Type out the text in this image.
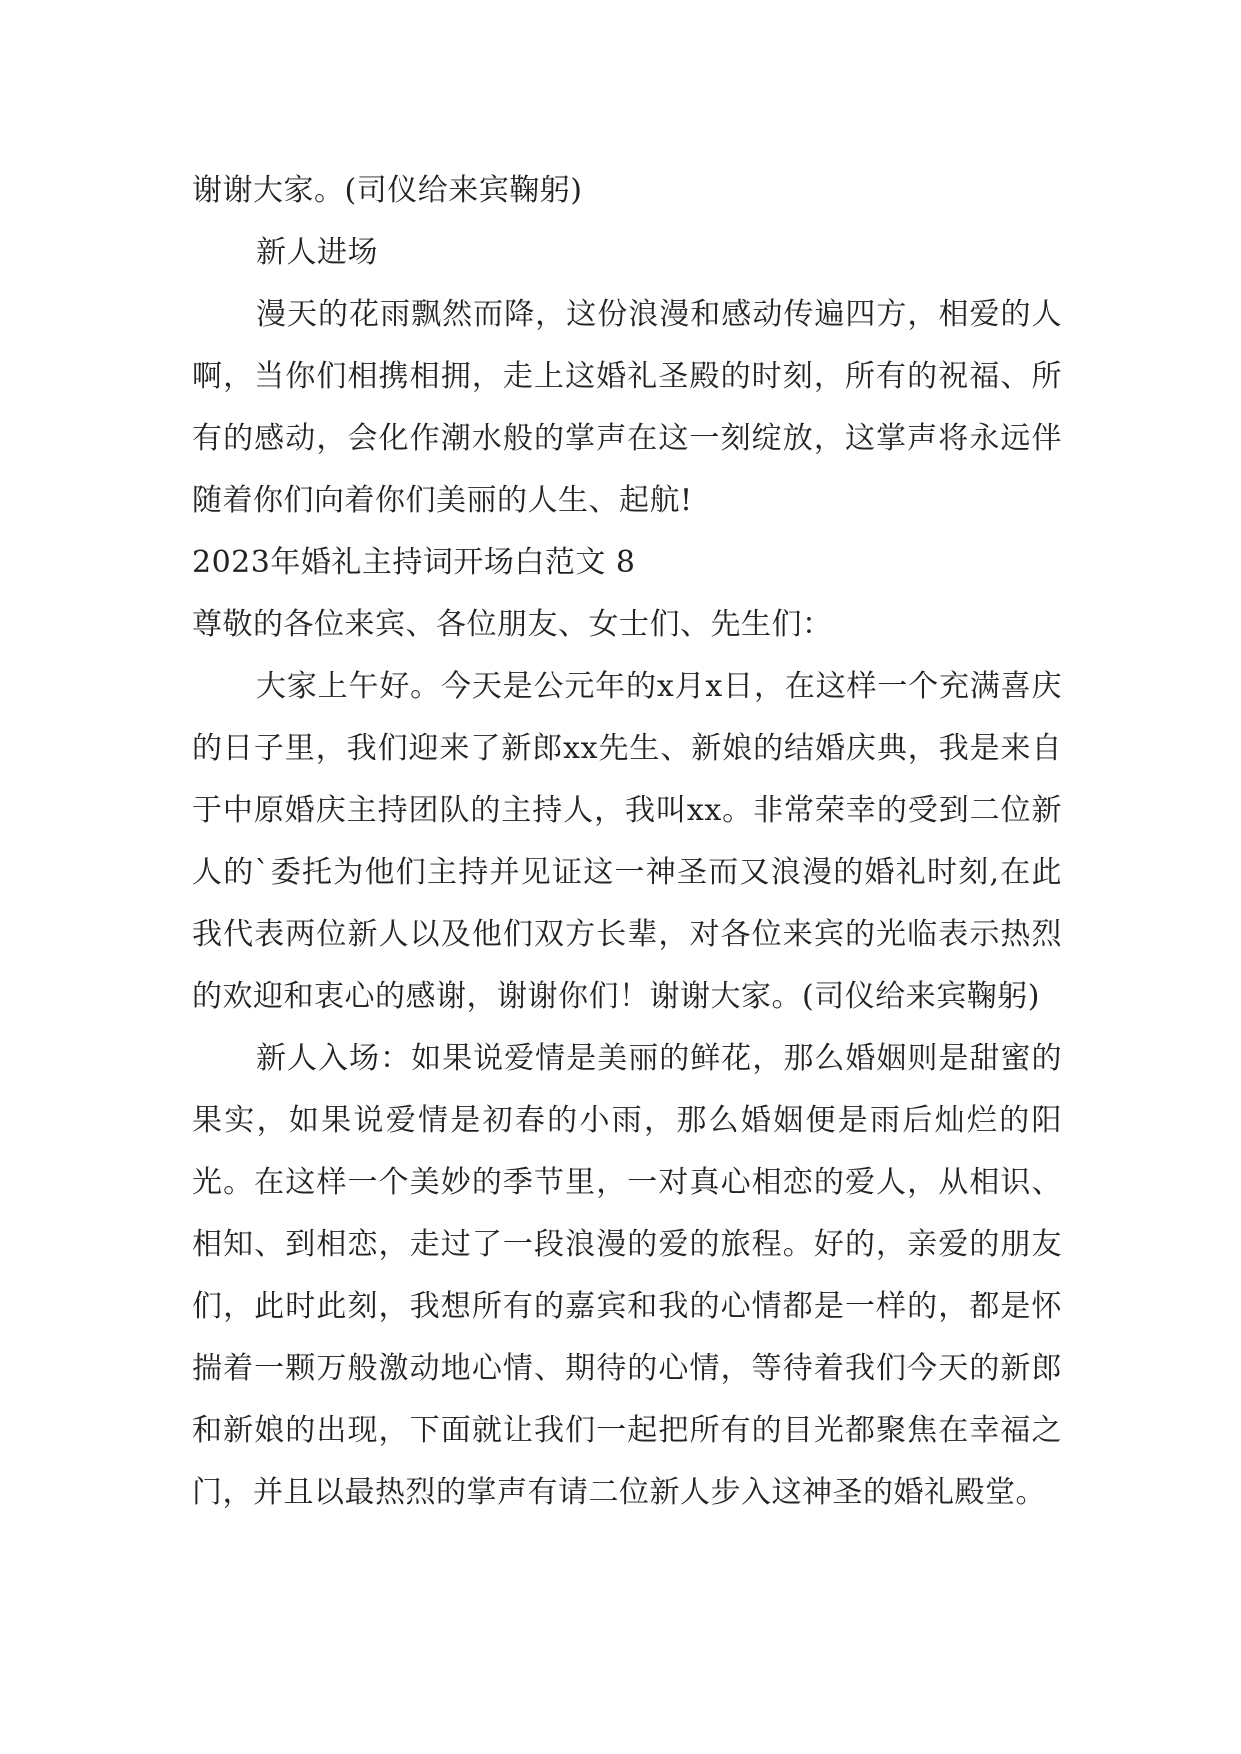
谢谢大家。(司仪给来宾鞠躬)

新人进场

漫天的花雨飘然而降，这份浪漫和感动传遍四方，相爱的人啊，当你们相携相拥，走上这婚礼圣殿的时刻，所有的祝福、所有的感动，会化作潮水般的掌声在这一刻绽放，这掌声将永远伴随着你们向着你们美丽的人生、起航!

2023年婚礼主持词开场白范文 8

尊敬的各位来宾、各位朋友、女士们、先生们：

大家上午好。今天是公元年的x月x日，在这样一个充满喜庆的日子里，我们迎来了新郎xx先生、新娘的结婚庆典，我是来自于中原婚庆主持团队的主持人，我叫xx。非常荣幸的受到二位新人的`委托为他们主持并见证这一神圣而又浪漫的婚礼时刻,在此我代表两位新人以及他们双方长辈，对各位来宾的光临表示热烈的欢迎和衷心的感谢，谢谢你们！谢谢大家。(司仪给来宾鞠躬)

新人入场：如果说爱情是美丽的鲜花，那么婚姻则是甜蜜的果实，如果说爱情是初春的小雨，那么婚姻便是雨后灿烂的阳光。在这样一个美妙的季节里，一对真心相恋的爱人，从相识、相知、到相恋，走过了一段浪漫的爱的旅程。好的，亲爱的朋友们，此时此刻，我想所有的嘉宾和我的心情都是一样的，都是怀揣着一颗万般激动地心情、期待的心情，等待着我们今天的新郎和新娘的出现，下面就让我们一起把所有的目光都聚焦在幸福之门，并且以最热烈的掌声有请二位新人步入这神圣的婚礼殿堂。
